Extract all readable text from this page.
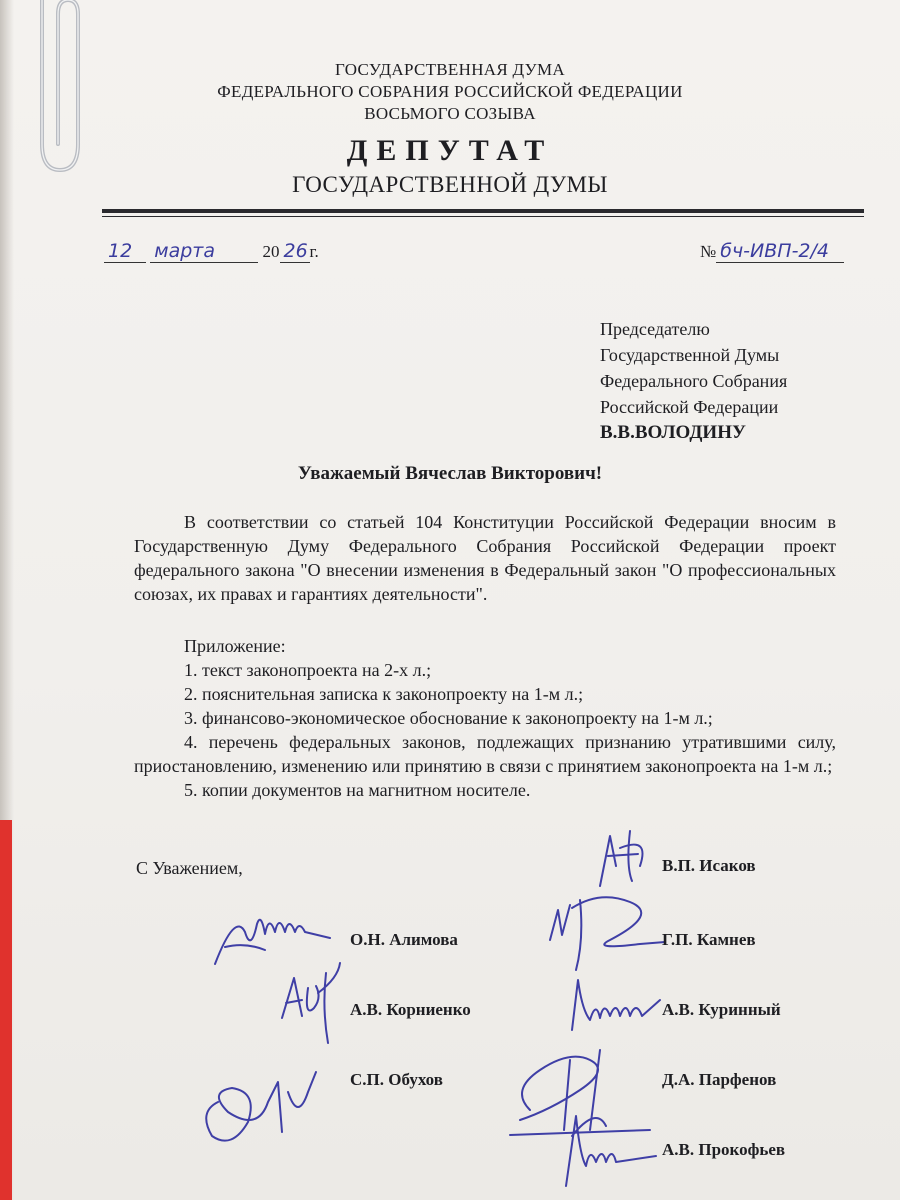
ГОСУДАРСТВЕННАЯ ДУМА
ФЕДЕРАЛЬНОГО СОБРАНИЯ РОССИЙСКОЙ ФЕДЕРАЦИИ
ВОСЬМОГО СОЗЫВА
ДЕПУТАТ
ГОСУДАРСТВЕННОЙ ДУМЫ
12 марта	20 26 г.	№ бч-ИВП-2/4
Председателю
Государственной Думы
Федерального Собрания
Российской Федерации
В.В.ВОЛОДИНУ
Уважаемый Вячеслав Викторович!

В соответствии со статьей 104 Конституции Российской Федерации вносим в Государственную Думу Федерального Собрания Российской Федерации проект федерального закона "О внесении изменения в Федеральный закон "О профессиональных союзах, их правах и гарантиях деятельности".

Приложение:
1. текст законопроекта на 2-х л.;
2. пояснительная записка к законопроекту на 1-м л.;
3. финансово-экономическое обоснование к законопроекту на 1-м л.;
4. перечень федеральных законов, подлежащих признанию утратившими силу, приостановлению, изменению или принятию в связи с принятием законопроекта на 1-м л.;
5. копии документов на магнитном носителе.
С Уважением,	В.П. Исаков
О.Н. Алимова	Г.П. Камнев
А.В. Корниенко	А.В. Куринный
С.П. Обухов	Д.А. Парфенов
А.В. Прокофьев
